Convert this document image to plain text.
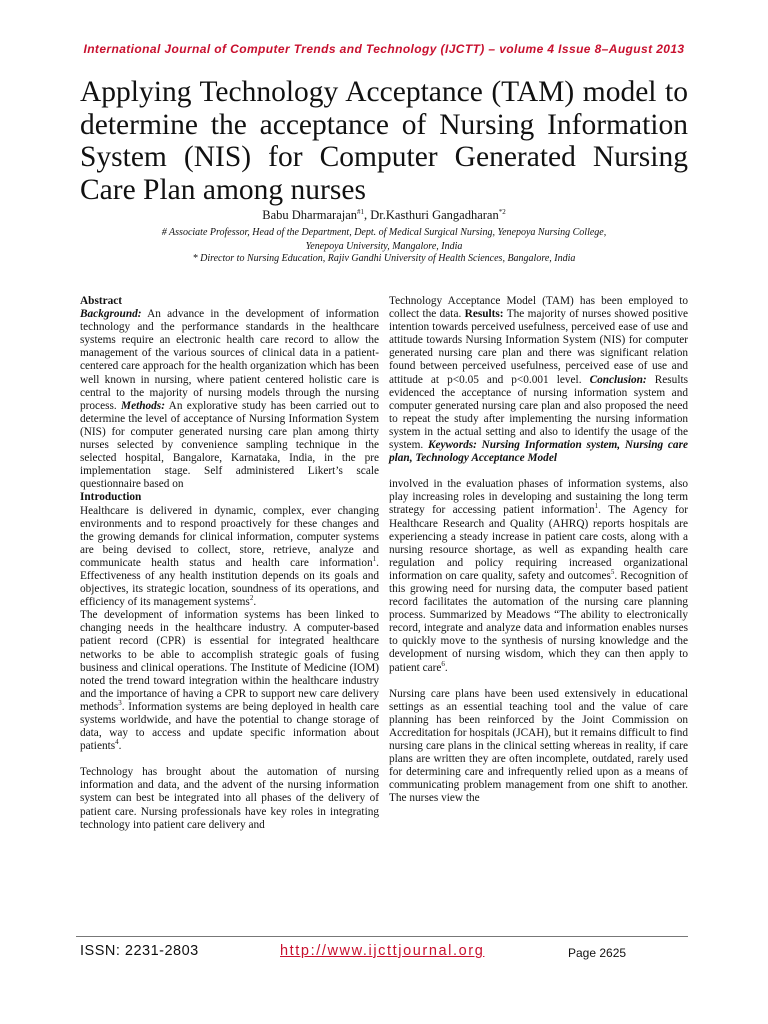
International Journal of Computer Trends and Technology (IJCTT) – volume 4 Issue 8–August 2013
Applying Technology Acceptance (TAM) model to determine the acceptance of Nursing Information System (NIS) for Computer Generated Nursing Care Plan among nurses
Babu Dharmarajan$^{\#1}$, Dr.Kasthuri Gangadharan$^{*2}$
# Associate Professor, Head of the Department, Dept. of Medical Surgical Nursing, Yenepoya Nursing College,
Yenepoya University, Mangalore, India
* Director to Nursing Education, Rajiv Gandhi University of Health Sciences, Bangalore, India

Abstract

Background: An advance in the development of information technology and the performance standards in the healthcare systems require an electronic health care record to allow the management of the various sources of clinical data in a patient-centered care approach for the health organization which has been well known in nursing, where patient centered holistic care is central to the majority of nursing models through the nursing process. Methods: An explorative study has been carried out to determine the level of acceptance of Nursing Information System (NIS) for computer generated nursing care plan among thirty nurses selected by convenience sampling technique in the selected hospital, Bangalore, Karnataka, India, in the pre implementation stage. Self administered Likert’s scale questionnaire based on

Introduction

Healthcare is delivered in dynamic, complex, ever changing environments and to respond proactively for these changes and the growing demands for clinical information, computer systems are being devised to collect, store, retrieve, analyze and communicate health status and health care information$^1$. Effectiveness of any health institution depends on its goals and objectives, its strategic location, soundness of its operations, and efficiency of its management systems$^2$.

The development of information systems has been linked to changing needs in the healthcare industry. A computer-based patient record (CPR) is essential for integrated healthcare networks to be able to accomplish strategic goals of fusing business and clinical operations. The Institute of Medicine (IOM) noted the trend toward integration within the healthcare industry and the importance of having a CPR to support new care delivery methods$^3$. Information systems are being deployed in health care systems worldwide, and have the potential to change storage of data, way to access and update specific information about patients$^4$.

Technology has brought about the automation of nursing information and data, and the advent of the nursing information system can best be integrated into all phases of the delivery of patient care. Nursing professionals have key roles in integrating technology into patient care delivery and

Technology Acceptance Model (TAM) has been employed to collect the data. Results: The majority of nurses showed positive intention towards perceived usefulness, perceived ease of use and attitude towards Nursing Information System (NIS) for computer generated nursing care plan and there was significant relation found between perceived usefulness, perceived ease of use and attitude at p<0.05 and p<0.001 level. Conclusion: Results evidenced the acceptance of nursing information system and computer generated nursing care plan and also proposed the need to repeat the study after implementing the nursing information system in the actual setting and also to identify the usage of the system. Keywords: Nursing Information system, Nursing care plan, Technology Acceptance Model

involved in the evaluation phases of information systems, also play increasing roles in developing and sustaining the long term strategy for accessing patient information$^1$. The Agency for Healthcare Research and Quality (AHRQ) reports hospitals are experiencing a steady increase in patient care costs, along with a nursing resource shortage, as well as expanding health care regulation and policy requiring increased organizational information on care quality, safety and outcomes$^5$. Recognition of this growing need for nursing data, the computer based patient record facilitates the automation of the nursing care planning process. Summarized by Meadows “The ability to electronically record, integrate and analyze data and information enables nurses to quickly move to the synthesis of nursing knowledge and the development of nursing wisdom, which they can then apply to patient care$^6$.

Nursing care plans have been used extensively in educational settings as an essential teaching tool and the value of care planning has been reinforced by the Joint Commission on Accreditation for hospitals (JCAH), but it remains difficult to find nursing care plans in the clinical setting whereas in reality, if care plans are written they are often incomplete, outdated, rarely used for determining care and infrequently relied upon as a means of communicating problem management from one shift to another. The nurses view the

ISSN: 2231-2803	http://www.ijcttjournal.org	Page 2625
